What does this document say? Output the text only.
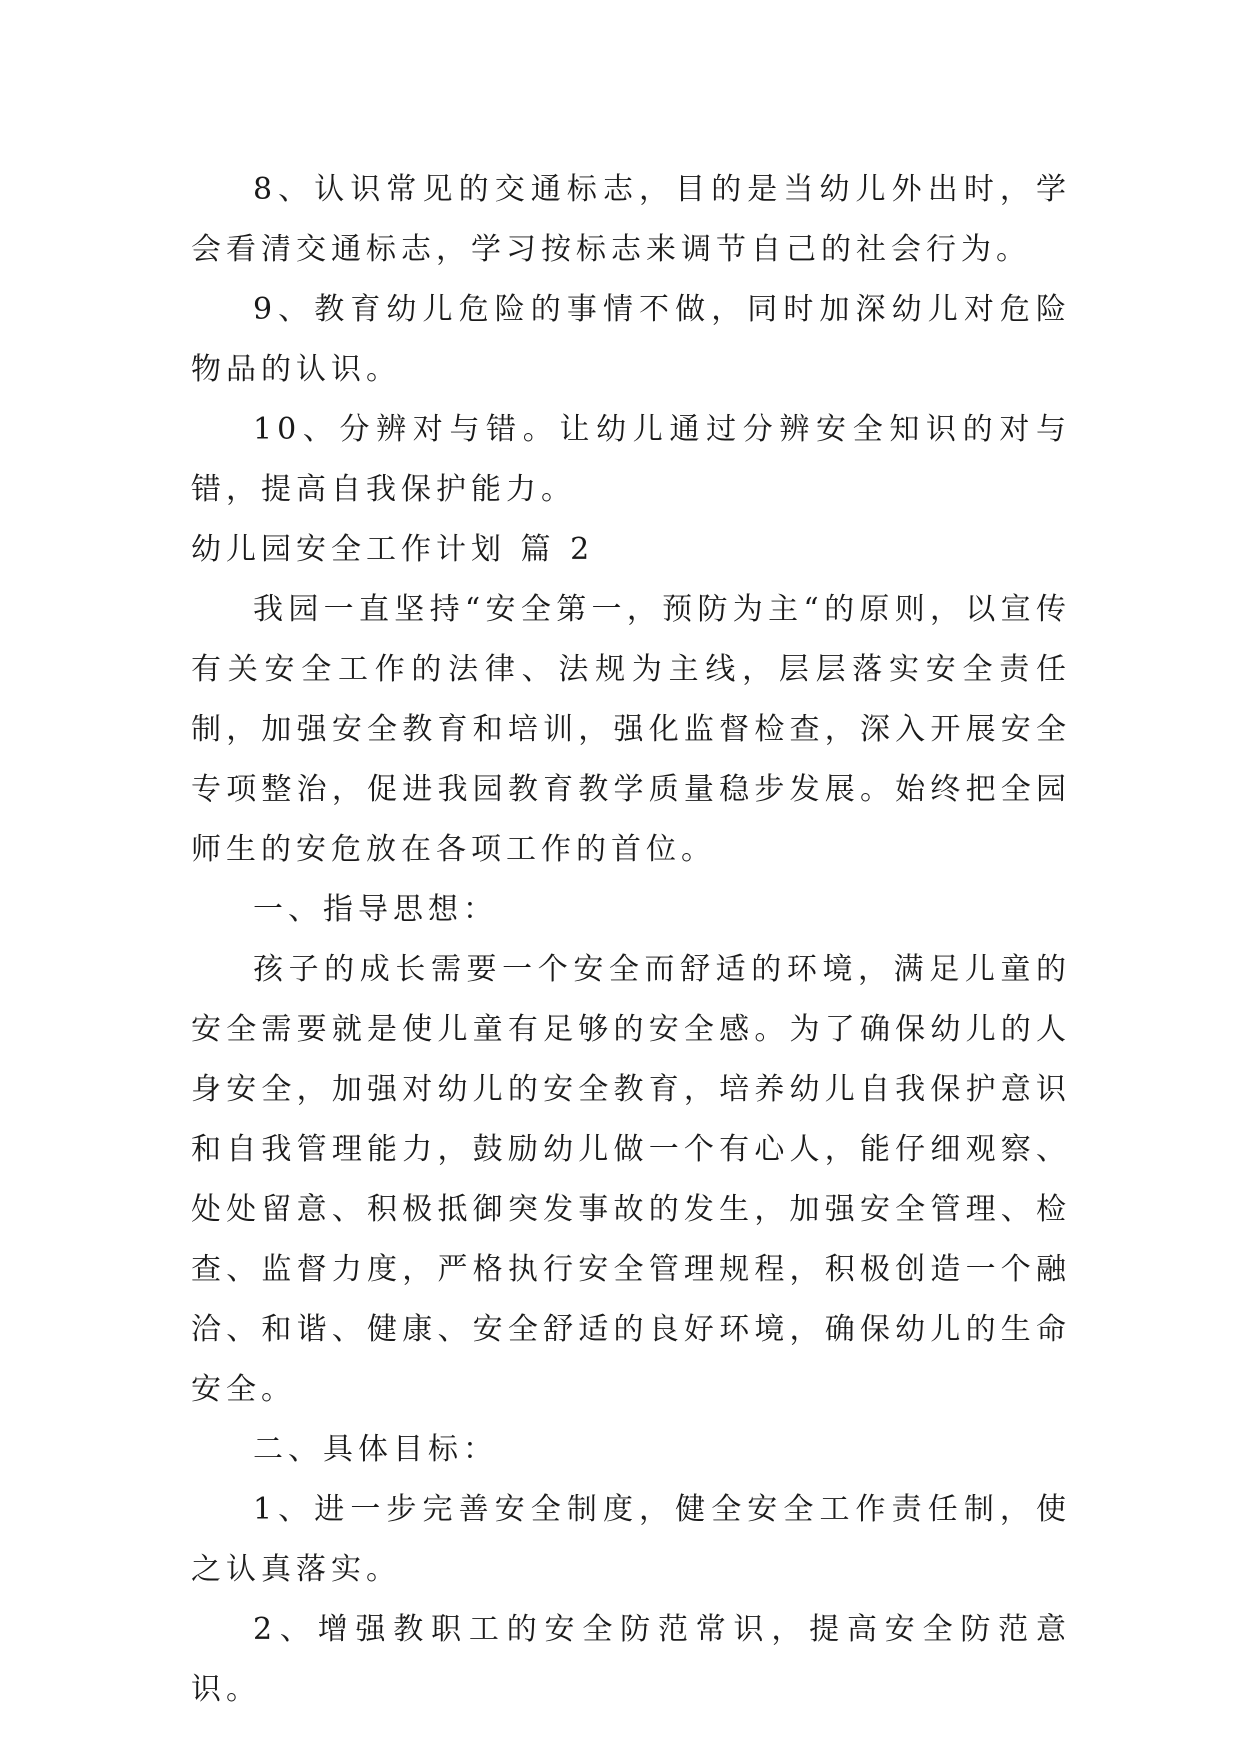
8、认识常见的交通标志，目的是当幼儿外出时，学会看清交通标志，学习按标志来调节自己的社会行为。

9、教育幼儿危险的事情不做，同时加深幼儿对危险物品的认识。

10、分辨对与错。让幼儿通过分辨安全知识的对与错，提高自我保护能力。

幼儿园安全工作计划 篇 2

我园一直坚持“安全第一，预防为主“的原则，以宣传有关安全工作的法律、法规为主线，层层落实安全责任制，加强安全教育和培训，强化监督检查，深入开展安全专项整治，促进我园教育教学质量稳步发展。始终把全园师生的安危放在各项工作的首位。

一、指导思想：

孩子的成长需要一个安全而舒适的环境，满足儿童的安全需要就是使儿童有足够的安全感。为了确保幼儿的人身安全，加强对幼儿的安全教育，培养幼儿自我保护意识和自我管理能力，鼓励幼儿做一个有心人，能仔细观察、处处留意、积极抵御突发事故的发生，加强安全管理、检查、监督力度，严格执行安全管理规程，积极创造一个融洽、和谐、健康、安全舒适的良好环境，确保幼儿的生命安全。

二、具体目标：

1、进一步完善安全制度，健全安全工作责任制，使之认真落实。

2、增强教职工的安全防范常识，提高安全防范意识。
